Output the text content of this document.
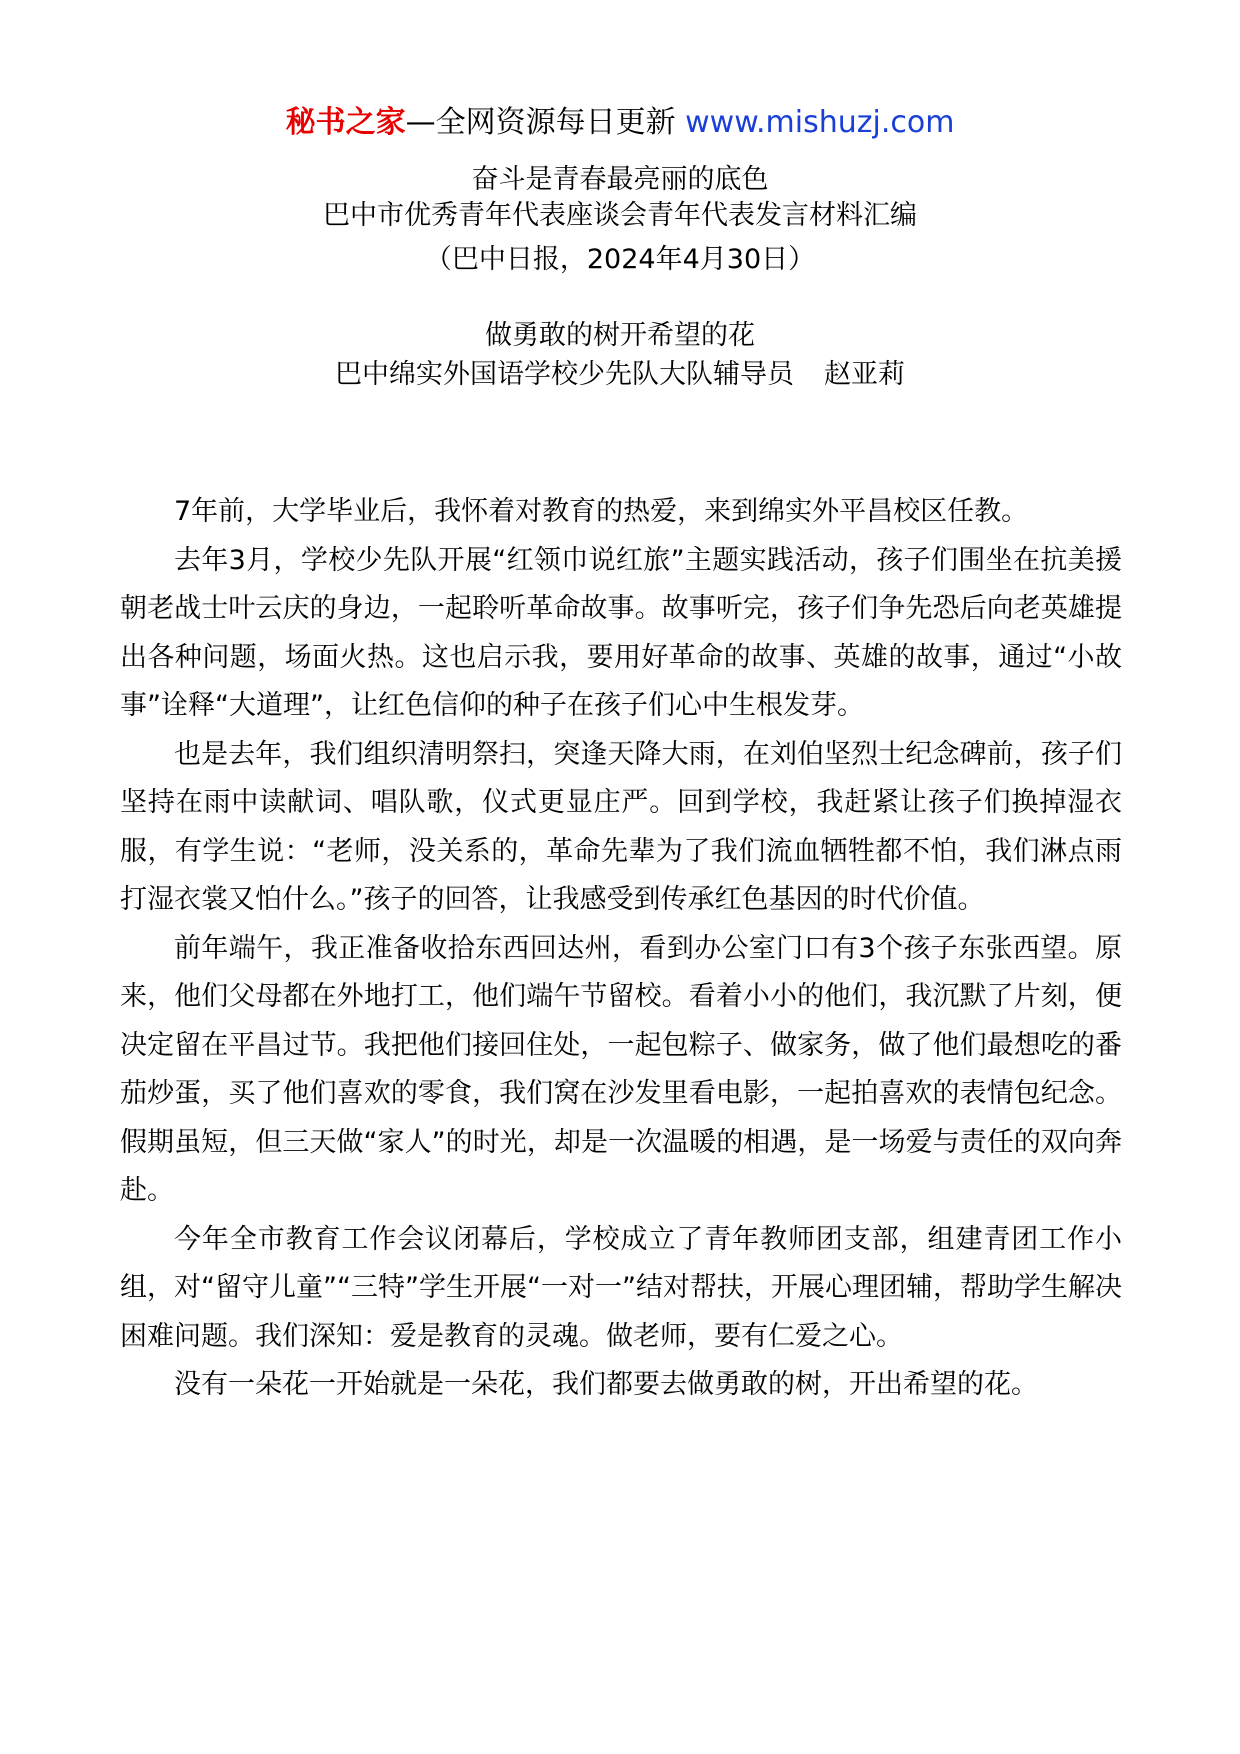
秘书之家—全网资源每日更新 www.mishuzj.com
奋斗是青春最亮丽的底色
巴中市优秀青年代表座谈会青年代表发言材料汇编
（巴中日报，2024年4月30日）
做勇敢的树开希望的花
巴中绵实外国语学校少先队大队辅导员 赵亚莉

7年前，大学毕业后，我怀着对教育的热爱，来到绵实外平昌校区任教。

去年3月，学校少先队开展“红领巾说红旅”主题实践活动，孩子们围坐在抗美援朝老战士叶云庆的身边，一起聆听革命故事。故事听完，孩子们争先恐后向老英雄提出各种问题，场面火热。这也启示我，要用好革命的故事、英雄的故事，通过“小故事”诠释“大道理”，让红色信仰的种子在孩子们心中生根发芽。

也是去年，我们组织清明祭扫，突逢天降大雨，在刘伯坚烈士纪念碑前，孩子们坚持在雨中读献词、唱队歌，仪式更显庄严。回到学校，我赶紧让孩子们换掉湿衣服，有学生说：“老师，没关系的，革命先辈为了我们流血牺牲都不怕，我们淋点雨打湿衣裳又怕什么。”孩子的回答，让我感受到传承红色基因的时代价值。

前年端午，我正准备收拾东西回达州，看到办公室门口有3个孩子东张西望。原来，他们父母都在外地打工，他们端午节留校。看着小小的他们，我沉默了片刻，便决定留在平昌过节。我把他们接回住处，一起包粽子、做家务，做了他们最想吃的番茄炒蛋，买了他们喜欢的零食，我们窝在沙发里看电影，一起拍喜欢的表情包纪念。假期虽短，但三天做“家人”的时光，却是一次温暖的相遇，是一场爱与责任的双向奔赴。

今年全市教育工作会议闭幕后，学校成立了青年教师团支部，组建青团工作小组，对“留守儿童”“三特”学生开展“一对一”结对帮扶，开展心理团辅，帮助学生解决困难问题。我们深知：爱是教育的灵魂。做老师，要有仁爱之心。

没有一朵花一开始就是一朵花，我们都要去做勇敢的树，开出希望的花。
